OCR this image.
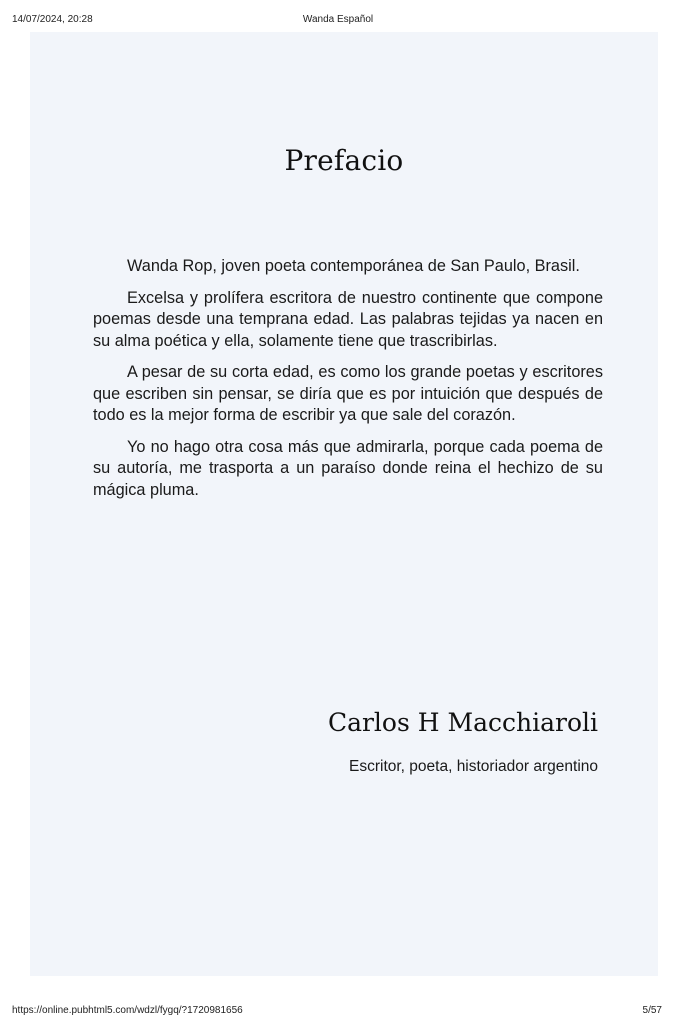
Wanda Español
14/07/2024, 20:28
Prefacio

Wanda Rop, joven poeta contemporánea de San Paulo, Brasil.

Excelsa y prolífera escritora de nuestro continente que compone poemas desde una temprana edad. Las palabras tejidas ya nacen en su alma poética y ella, solamente tiene que trascribirlas.

A pesar de su corta edad, es como los grande poetas y escritores que escriben sin pensar, se diría que es por intuición que después de todo es la mejor forma de escribir ya que sale del corazón.

Yo no hago otra cosa más que admirarla, porque cada poema de su autoría, me trasporta a un paraíso donde reina el hechizo de su mágica pluma.

Carlos H Macchiaroli
Escritor, poeta, historiador argentino
https://online.pubhtml5.com/wdzl/fygq/?1720981656	5/57
